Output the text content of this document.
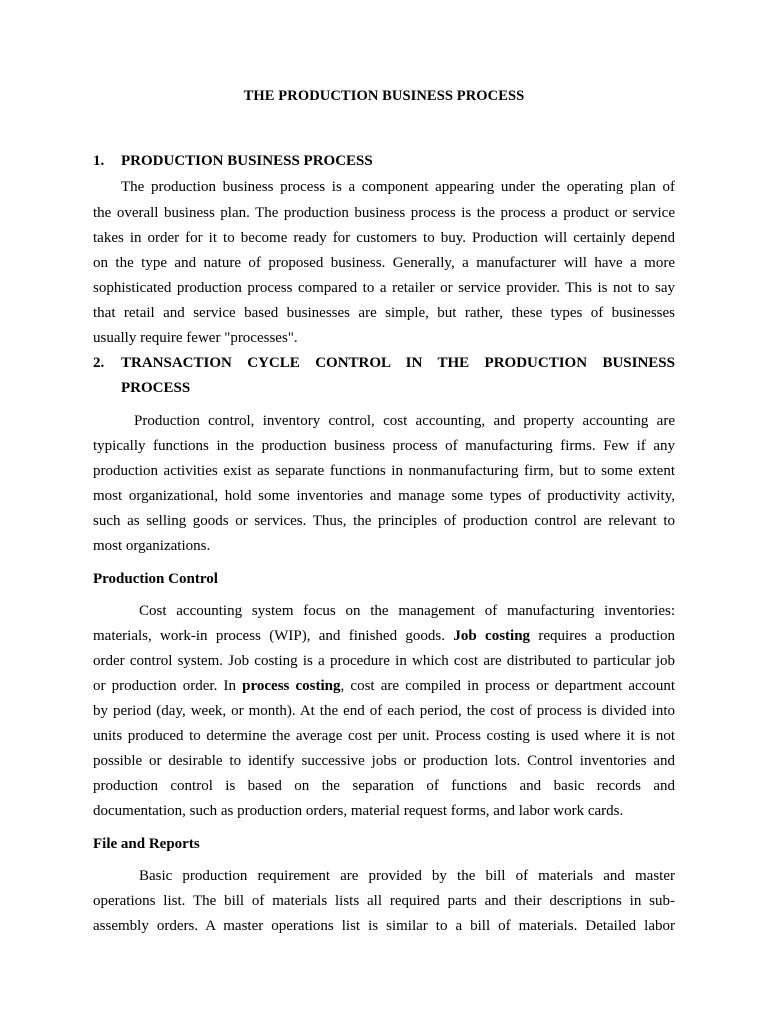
THE PRODUCTION BUSINESS PROCESS
1. PRODUCTION BUSINESS PROCESS
The production business process is a component appearing under the operating plan of
the overall business plan. The production business process is the process a product or service
takes in order for it to become ready for customers to buy. Production will certainly depend
on the type and nature of proposed business. Generally, a manufacturer will have a more
sophisticated production process compared to a retailer or service provider. This is not to say
that retail and service based businesses are simple, but rather, these types of businesses
usually require fewer "processes".
2. TRANSACTION CYCLE CONTROL IN THE PRODUCTION BUSINESS
PROCESS
Production control, inventory control, cost accounting, and property accounting are
typically functions in the production business process of manufacturing firms. Few if any
production activities exist as separate functions in nonmanufacturing firm, but to some extent
most organizational, hold some inventories and manage some types of productivity activity,
such as selling goods or services. Thus, the principles of production control are relevant to
most organizations.
Production Control
Cost accounting system focus on the management of manufacturing inventories:
materials, work-in process (WIP), and finished goods. Job costing requires a production
order control system. Job costing is a procedure in which cost are distributed to particular job
or production order. In process costing, cost are compiled in process or department account
by period (day, week, or month). At the end of each period, the cost of process is divided into
units produced to determine the average cost per unit. Process costing is used where it is not
possible or desirable to identify successive jobs or production lots. Control inventories and
production control is based on the separation of functions and basic records and
documentation, such as production orders, material request forms, and labor work cards.
File and Reports
Basic production requirement are provided by the bill of materials and master
operations list. The bill of materials lists all required parts and their descriptions in sub-
assembly orders. A master operations list is similar to a bill of materials. Detailed labor
